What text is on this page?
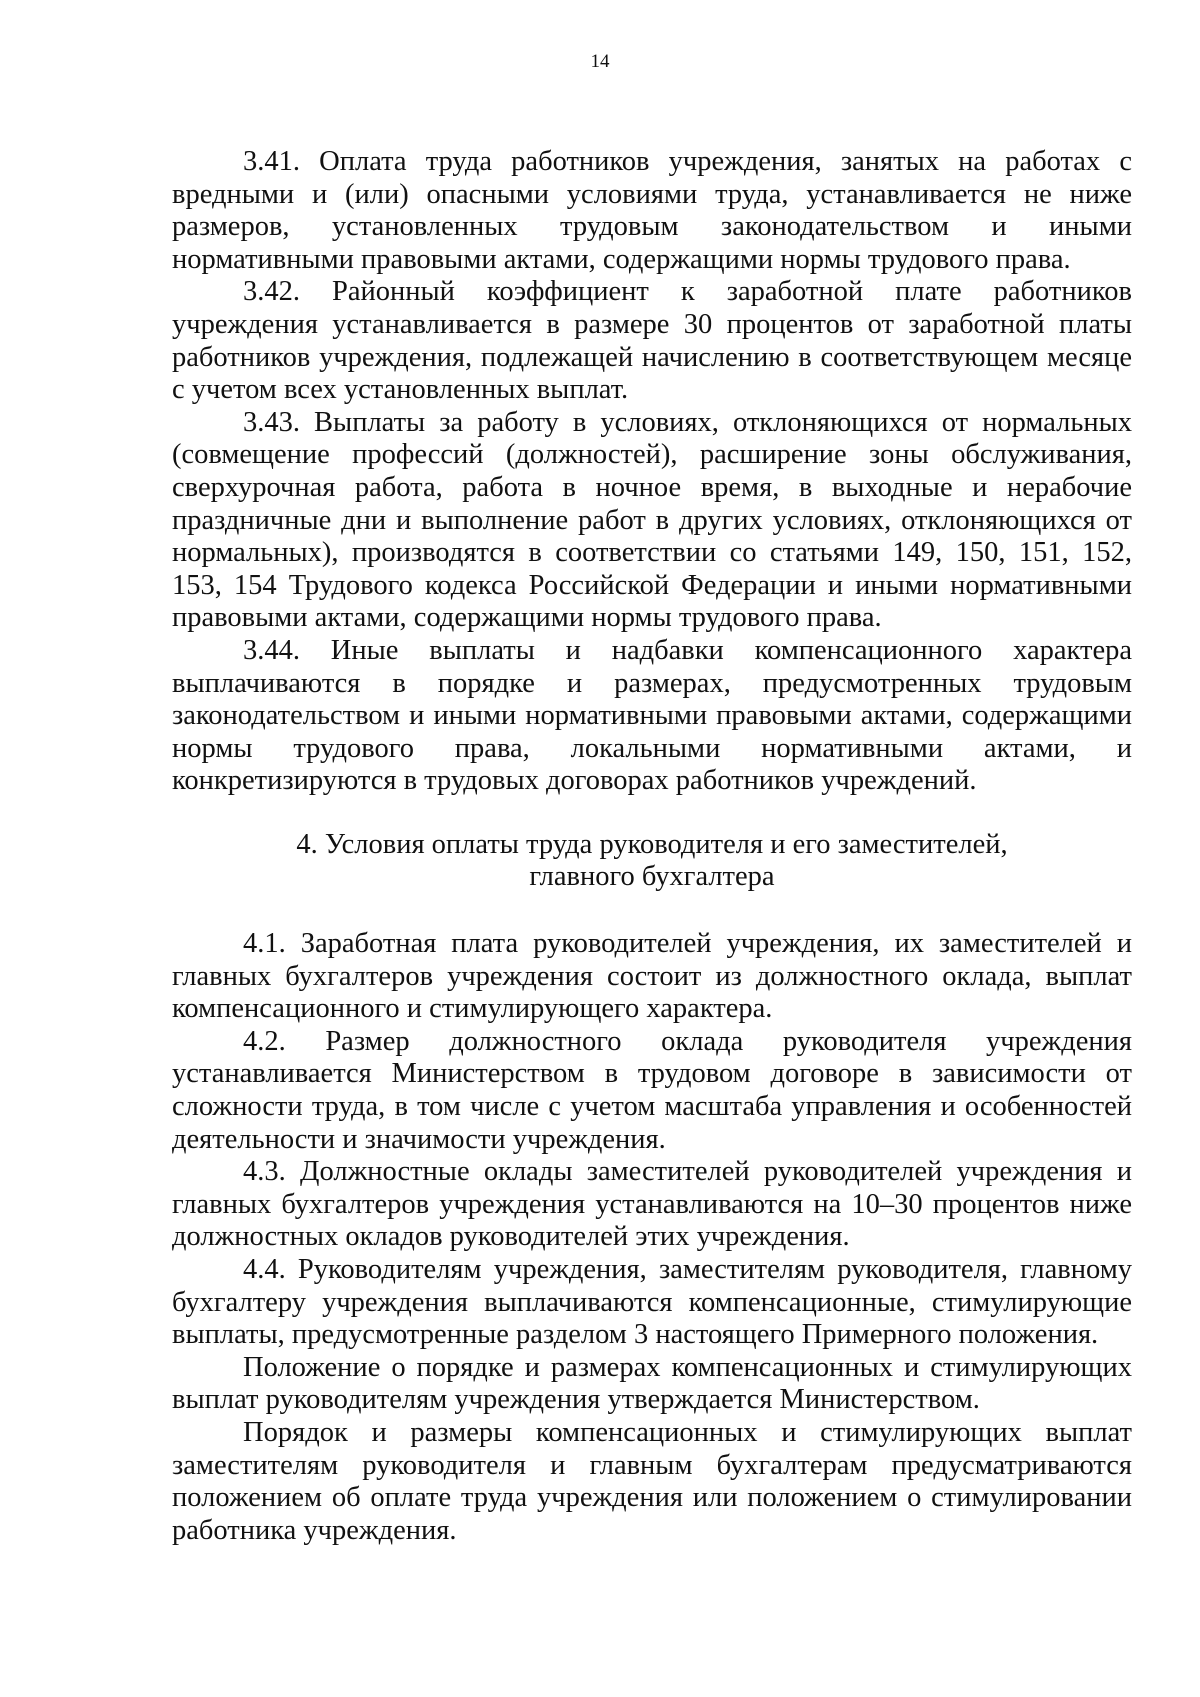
14

3.41. Оплата труда работников учреждения, занятых на работах с вредными и (или) опасными условиями труда, устанавливается не ниже размеров, установленных трудовым законодательством и иными нормативными правовыми актами, содержащими нормы трудового права.

3.42. Районный коэффициент к заработной плате работников учреждения устанавливается в размере 30 процентов от заработной платы работников учреждения, подлежащей начислению в соответствующем месяце с учетом всех установленных выплат.

3.43. Выплаты за работу в условиях, отклоняющихся от нормальных (совмещение профессий (должностей), расширение зоны обслуживания, сверхурочная работа, работа в ночное время, в выходные и нерабочие праздничные дни и выполнение работ в других условиях, отклоняющихся от нормальных), производятся в соответствии со статьями 149, 150, 151, 152, 153, 154 Трудового кодекса Российской Федерации и иными нормативными правовыми актами, содержащими нормы трудового права.

3.44. Иные выплаты и надбавки компенсационного характера выплачиваются в порядке и размерах, предусмотренных трудовым законодательством и иными нормативными правовыми актами, содержащими нормы трудового права, локальными нормативными актами, и конкретизируются в трудовых договорах работников учреждений.

4. Условия оплаты труда руководителя и его заместителей,
главного бухгалтера

4.1. Заработная плата руководителей учреждения, их заместителей и главных бухгалтеров учреждения состоит из должностного оклада, выплат компенсационного и стимулирующего характера.

4.2. Размер должностного оклада руководителя учреждения устанавливается Министерством в трудовом договоре в зависимости от сложности труда, в том числе с учетом масштаба управления и особенностей деятельности и значимости учреждения.

4.3. Должностные оклады заместителей руководителей учреждения и главных бухгалтеров учреждения устанавливаются на 10–30 процентов ниже должностных окладов руководителей этих учреждения.

4.4. Руководителям учреждения, заместителям руководителя, главному бухгалтеру учреждения выплачиваются компенсационные, стимулирующие выплаты, предусмотренные разделом 3 настоящего Примерного положения.

Положение о порядке и размерах компенсационных и стимулирующих выплат руководителям учреждения утверждается Министерством.

Порядок и размеры компенсационных и стимулирующих выплат заместителям руководителя и главным бухгалтерам предусматриваются положением об оплате труда учреждения или положением о стимулировании работника учреждения.
